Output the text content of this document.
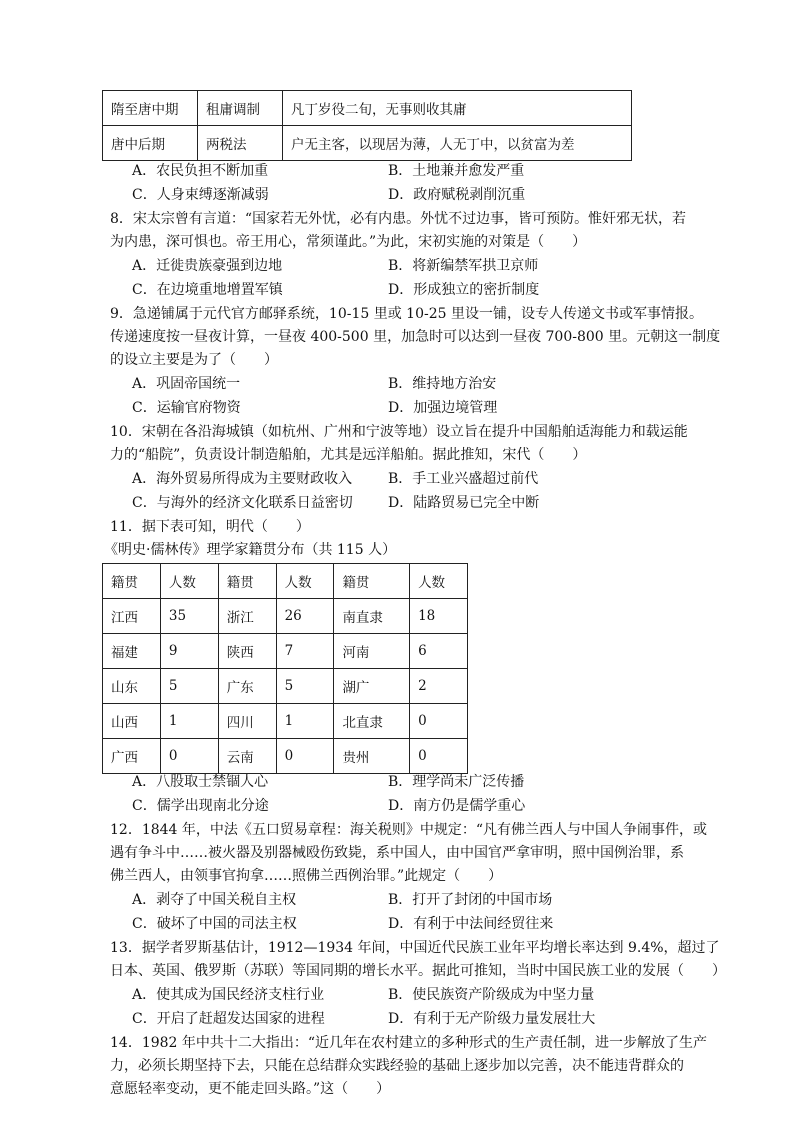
隋至唐中期	租庸调制	凡丁岁役二旬，无事则收其庸
唐中后期	两税法	户无主客，以现居为薄，人无丁中，以贫富为差
A．农民负担不断加重	B．土地兼并愈发严重
C．人身束缚逐渐减弱	D．政府赋税剥削沉重
8．宋太宗曾有言道：“国家若无外忧，必有内患。外忧不过边事，皆可预防。惟奸邪无状，若
为内患，深可惧也。帝王用心，常须谨此。”为此，宋初实施的对策是（　　）
A．迁徙贵族豪强到边地	B．将新编禁军拱卫京师
C．在边境重地增置军镇	D．形成独立的密折制度
9．急递铺属于元代官方邮驿系统，10-15 里或 10-25 里设一铺，设专人传递文书或军事情报。
传递速度按一昼夜计算，一昼夜 400-500 里，加急时可以达到一昼夜 700-800 里。元朝这一制度
的设立主要是为了（　　）
A．巩固帝国统一	B．维持地方治安
C．运输官府物资	D．加强边境管理
10．宋朝在各沿海城镇（如杭州、广州和宁波等地）设立旨在提升中国船舶适海能力和载运能
力的“船院”，负责设计制造船舶，尤其是远洋船舶。据此推知，宋代（　　）
A．海外贸易所得成为主要财政收入	B．手工业兴盛超过前代
C．与海外的经济文化联系日益密切	D．陆路贸易已完全中断
11．据下表可知，明代（　　）
《明史·儒林传》理学家籍贯分布（共 115 人）
籍贯	人数	籍贯	人数	籍贯	人数
江西	35	浙江	26	南直隶	18
福建	9	陕西	7	河南	6
山东	5	广东	5	湖广	2
山西	1	四川	1	北直隶	0
广西	0	云南	0	贵州	0
A．八股取士禁锢人心	B．理学尚未广泛传播
C．儒学出现南北分途	D．南方仍是儒学重心
12．1844 年，中法《五口贸易章程：海关税则》中规定：“凡有佛兰西人与中国人争闹事件，或
遇有争斗中……被火器及别器械殴伤致毙，系中国人，由中国官严拿审明，照中国例治罪，系
佛兰西人，由领事官拘拿……照佛兰西例治罪。”此规定（　　）
A．剥夺了中国关税自主权	B．打开了封闭的中国市场
C．破坏了中国的司法主权	D．有利于中法间经贸往来
13．据学者罗斯基估计，1912—1934 年间，中国近代民族工业年平均增长率达到 9.4%，超过了
日本、英国、俄罗斯（苏联）等国同期的增长水平。据此可推知，当时中国民族工业的发展（　　）
A．使其成为国民经济支柱行业	B．使民族资产阶级成为中坚力量
C．开启了赶超发达国家的进程	D．有利于无产阶级力量发展壮大
14．1982 年中共十二大指出：“近几年在农村建立的多种形式的生产责任制，进一步解放了生产
力，必须长期坚持下去，只能在总结群众实践经验的基础上逐步加以完善，决不能违背群众的
意愿轻率变动，更不能走回头路。”这（　　）
